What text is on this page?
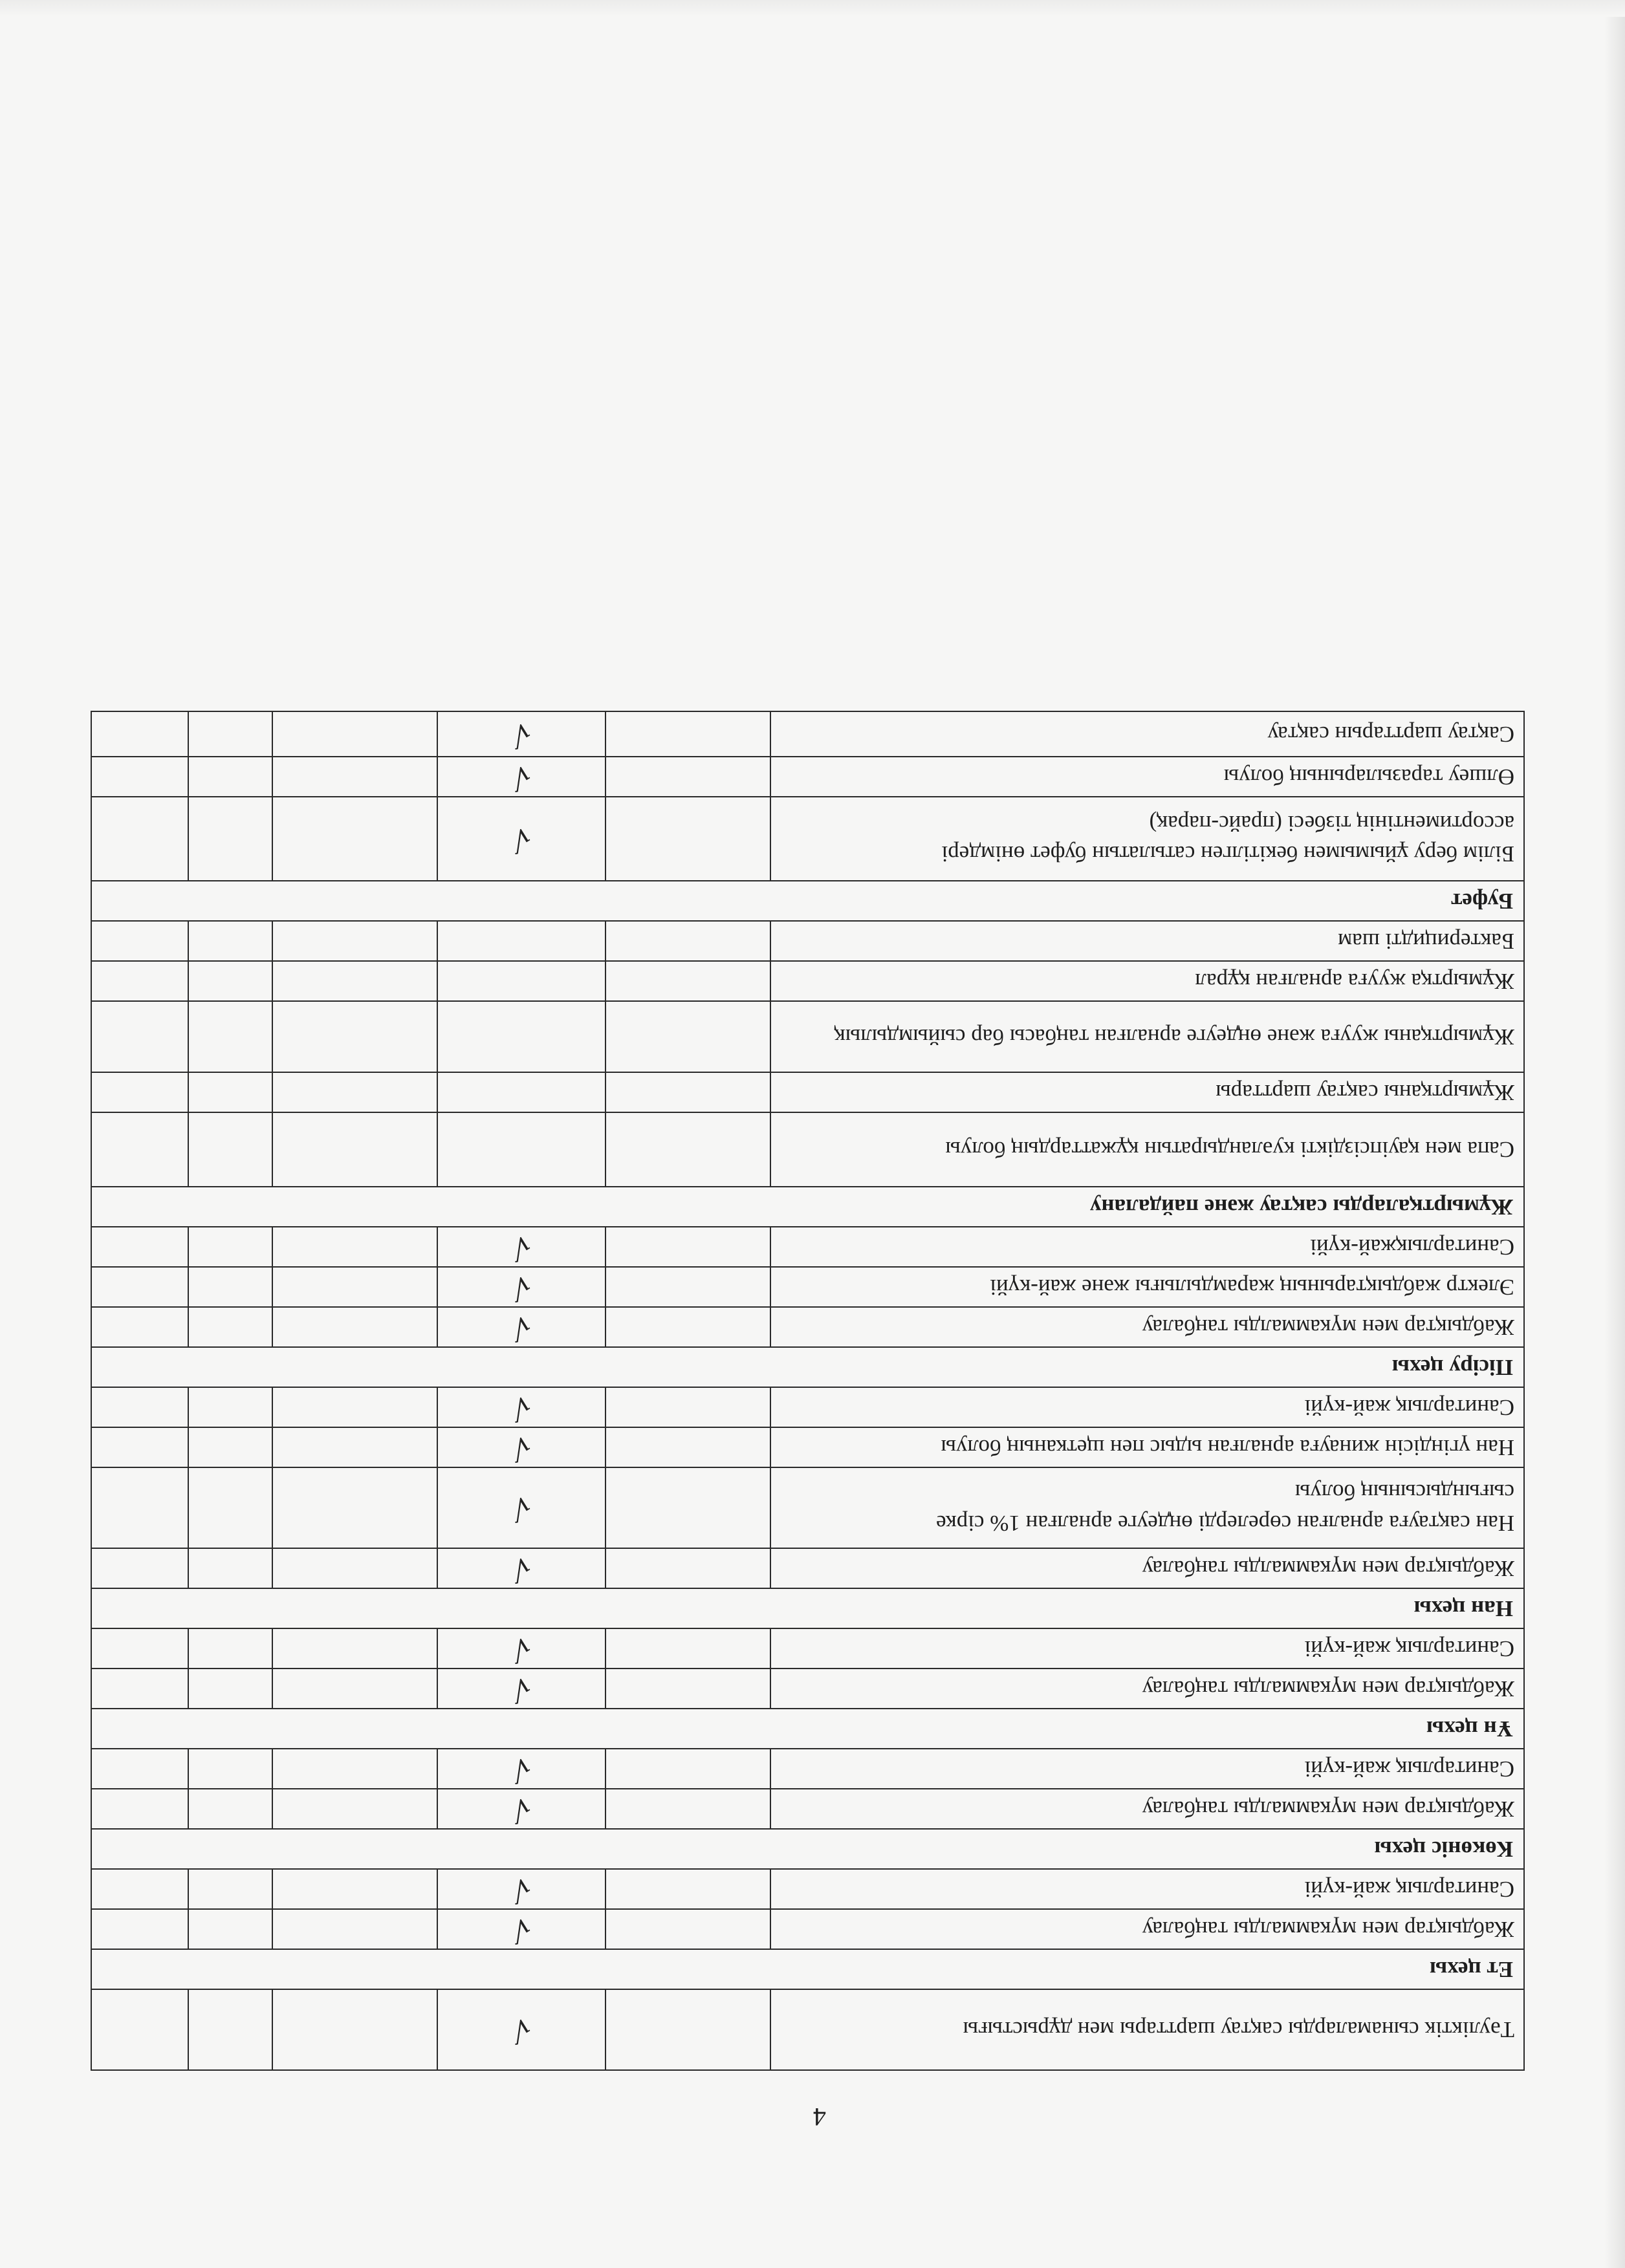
4
Тәуліктік сынамаларды сақтау шарттары мен дұрыстығы		√			
Ет цехы					
Жабдықтар мен мүкаммалды таңбалау		√			
Санитарлық жай-күйі		√			
Көкөніс цехы					
Жабдықтар мен мүкаммалды таңбалау		√			
Санитарлық жай-күйі		√			
Ұн цехы					
Жабдықтар мен мүкаммалды таңбалау		√			
Санитарлық жай-күйі		√			
Нан цехы					
Жабдықтар мен мүкаммалды таңбалау		√			
Нан сақтауға арналған сөрелерді өңдеуге арналған 1% сірке сығындысының болуы		√			
Нан үгіндісін жинауға арналған ыдыс пен щетканың болуы		√			
Санитарлық жай-күйі		√			
Пісіру цехы					
Жабдықтар мен мүкаммалды таңбалау		√			
Электр жабдықтарының жарамдылығы және жай-күйі		√			
Санитарлықжай-күйі		√			
Жұмыртқаларды сақтау және пайдалану					
Сапа мен қауіпсіздікті куәландыратын құжаттардың болуы					
Жұмыртқаны сақтау шарттары					
Жұмыртқаны жууға және өңдеуге арналған таңбасы бар сыйымдылық					
Жұмыртқа жууға арналған құрал					
Бактерицидті шам					
Буфет					
Білім беру ұйымымен бекітілген сатылатын буфет өнімдері ассортиментінің тізбесі (прайс-парақ)		√			
Өлшеу таразыларының болуы		√			
Сақтау шарттарын сақтау		√			
